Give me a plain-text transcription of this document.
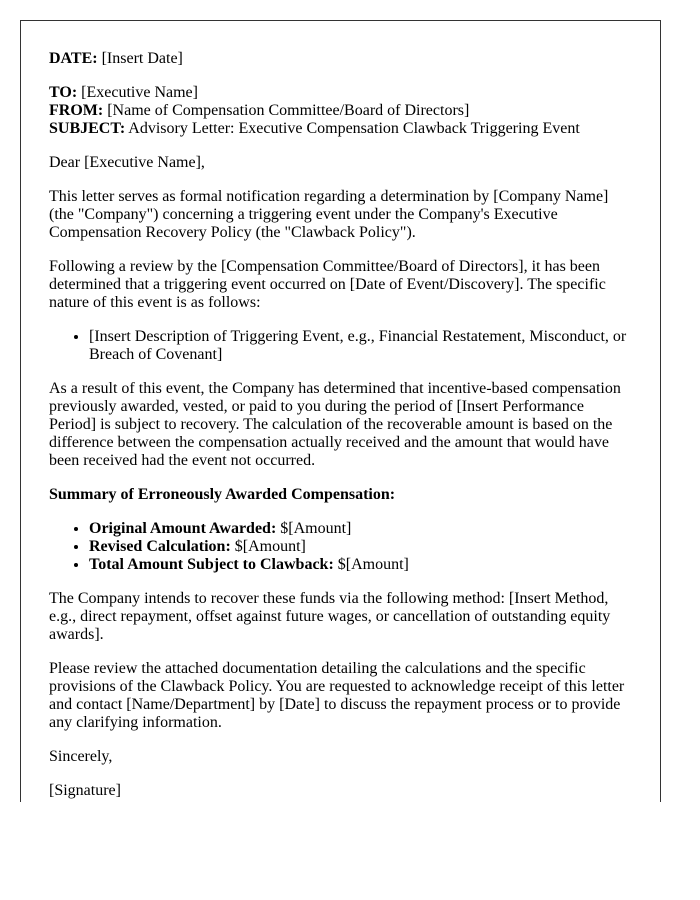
DATE: [Insert Date]

TO: [Executive Name]
FROM: [Name of Compensation Committee/Board of Directors]
SUBJECT: Advisory Letter: Executive Compensation Clawback Triggering Event

Dear [Executive Name],

This letter serves as formal notification regarding a determination by [Company Name] (the "Company") concerning a triggering event under the Company's Executive Compensation Recovery Policy (the "Clawback Policy").

Following a review by the [Compensation Committee/Board of Directors], it has been determined that a triggering event occurred on [Date of Event/Discovery]. The specific nature of this event is as follows:

• [Insert Description of Triggering Event, e.g., Financial Restatement, Misconduct, or Breach of Covenant]

As a result of this event, the Company has determined that incentive-based compensation previously awarded, vested, or paid to you during the period of [Insert Performance Period] is subject to recovery. The calculation of the recoverable amount is based on the difference between the compensation actually received and the amount that would have been received had the event not occurred.

Summary of Erroneously Awarded Compensation:

• Original Amount Awarded: $[Amount]
• Revised Calculation: $[Amount]
• Total Amount Subject to Clawback: $[Amount]

The Company intends to recover these funds via the following method: [Insert Method, e.g., direct repayment, offset against future wages, or cancellation of outstanding equity awards].

Please review the attached documentation detailing the calculations and the specific provisions of the Clawback Policy. You are requested to acknowledge receipt of this letter and contact [Name/Department] by [Date] to discuss the repayment process or to provide any clarifying information.

Sincerely,

[Signature]
